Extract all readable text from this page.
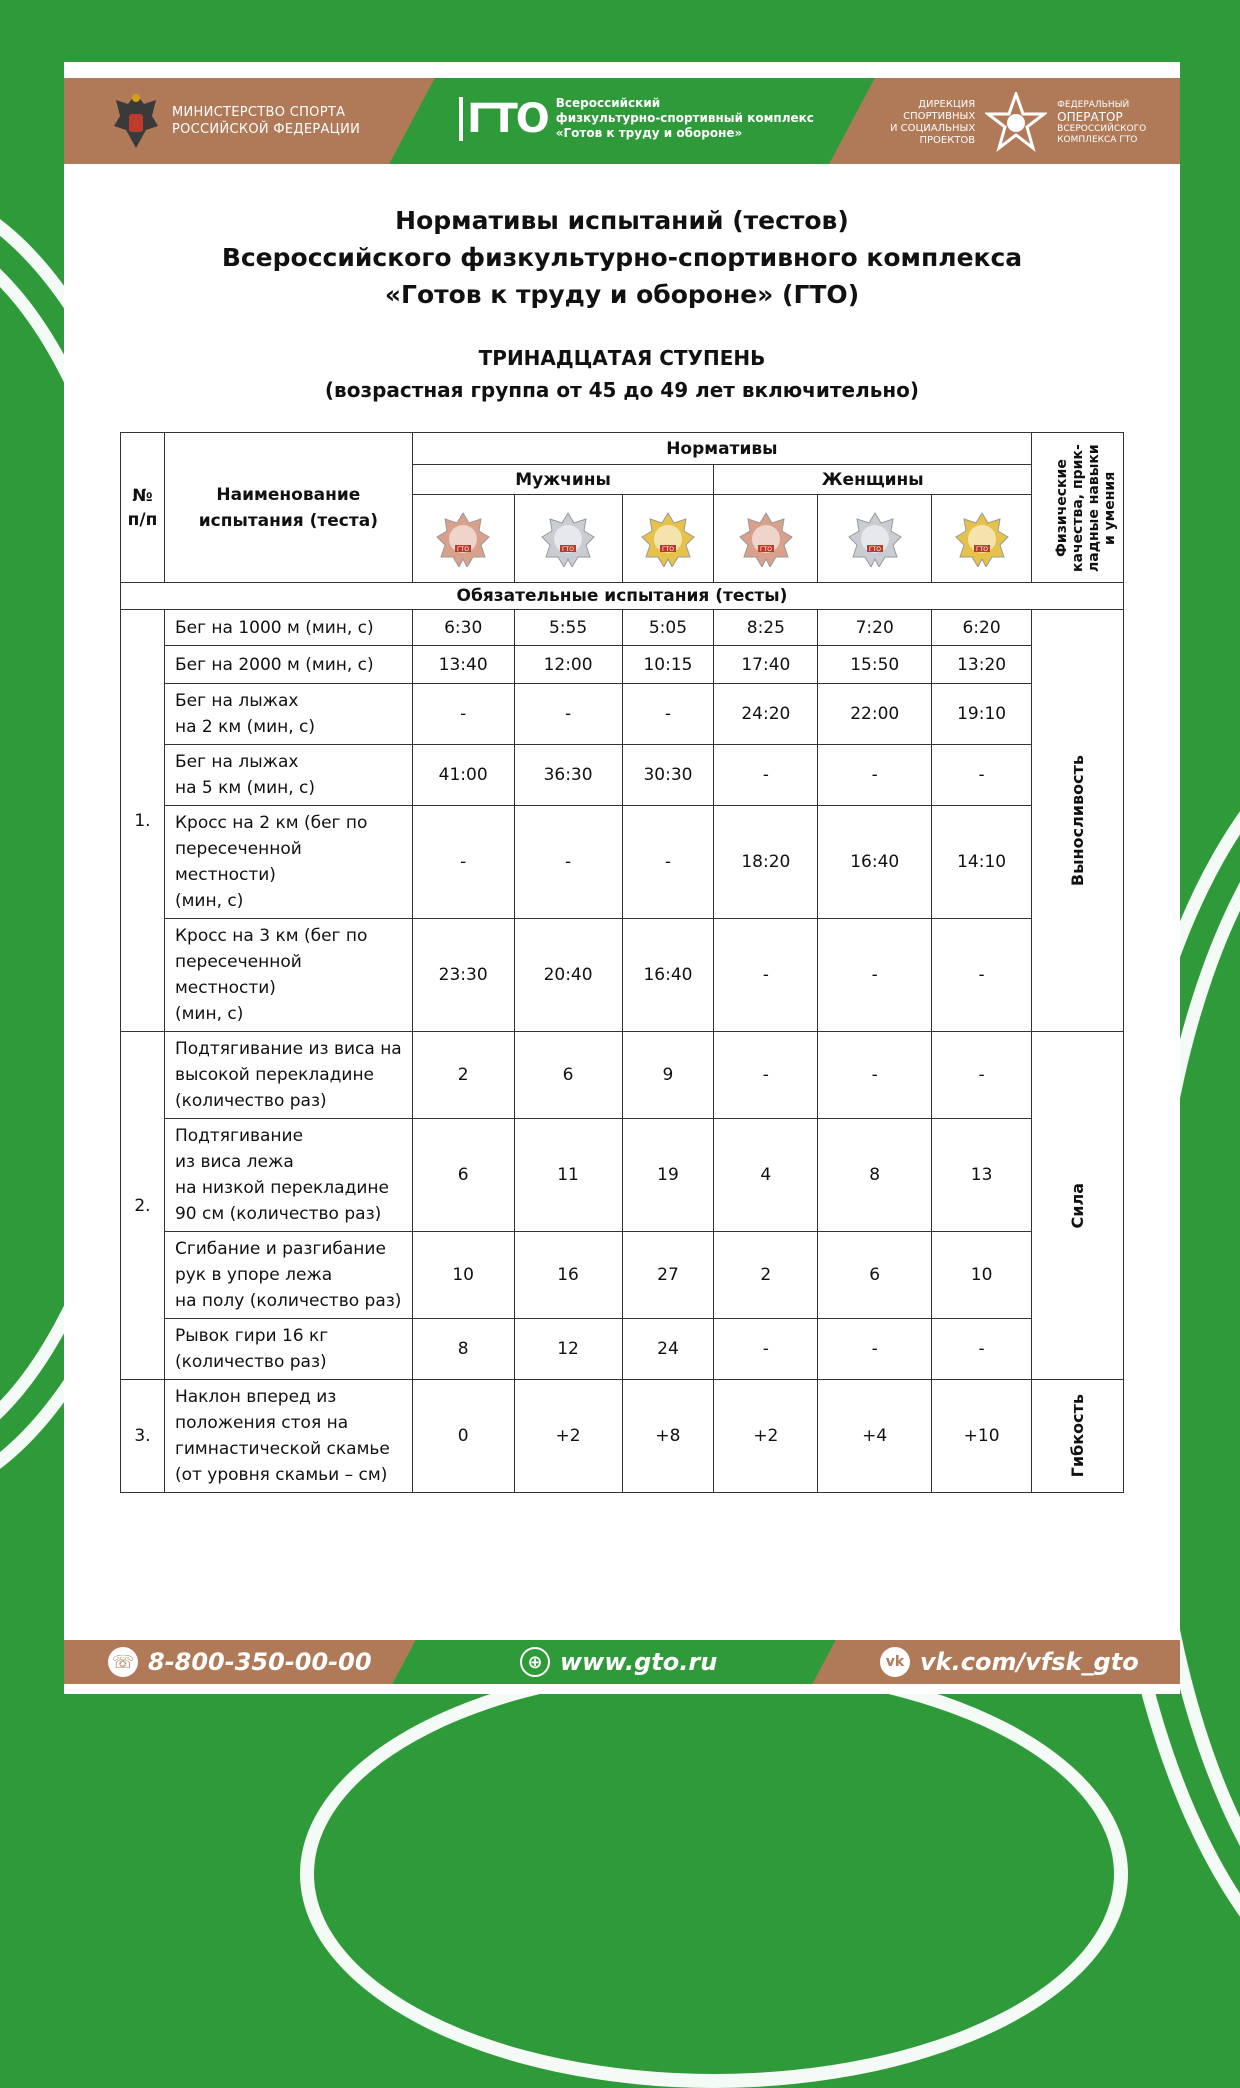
МИНИСТЕРСТВО СПОРТА
РОССИЙСКОЙ ФЕДЕРАЦИИ	ГТО Всероссийский
физкультурно-спортивный комплекс
«Готов к труду и обороне»
ДИРЕКЦИЯ
СПОРТИВНЫХ
И СОЦИАЛЬНЫХ
ПРОЕКТОВ
ФЕДЕРАЛЬНЫЙ
ОПЕРАТОР
ВСЕРОССИЙСКОГО
КОМПЛЕКСА ГТО
Нормативы испытаний (тестов)
Всероссийского физкультурно-спортивного комплекса
«Готов к труду и обороне» (ГТО)
ТРИНАДЦАТАЯ СТУПЕНЬ
(возрастная группа от 45 до 49 лет включительно)
№ п/п	Наименование испытания (теста)	Нормативы						Физические качества, прик-ладные навыки и умения

		Мужчины			Женщины			

ГТО	ГТО	ГТО	ГТО	ГТО	ГТО	

Обязательные испытания (тесты)								
1.	Бег на 1000 м (мин, с)	6:30	5:55	5:05	8:25	7:20	6:20	Выносливость

	Бег на 2000 м (мин, с)	13:40	12:00	10:15	17:40	15:50	13:20	

	Бег на лыжах
на 2 км (мин, с)	-	-	-	24:20	22:00	19:10	

	Бег на лыжах
на 5 км (мин, с)	41:00	36:30	30:30	-	-	-	

	Кросс на 2 км (бег по
пересеченной местности)
(мин, с)	-	-	-	18:20	16:40	14:10	

	Кросс на 3 км (бег по
пересеченной местности)
(мин, с)	23:30	20:40	16:40	-	-	-	
2.	Подтягивание из виса на
высокой перекладине
(количество раз)	2	6	9	-	-	-	Сила

	Подтягивание
из виса лежа
на низкой перекладине
90 см (количество раз)	6	11	19	4	8	13	

	Сгибание и разгибание
рук в упоре лежа
на полу (количество раз)	10	16	27	2	6	10	

	Рывок гири 16 кг
(количество раз)	8	12	24	-	-	-	
3.	Наклон вперед из
положения стоя на
гимнастической скамье
(от уровня скамьи – см)	0	+2	+8	+2	+4	+10	Гибкость
☏ 8-800-350-00-00	⊕ www.gto.ru	vk vk.com/vfsk_gto
